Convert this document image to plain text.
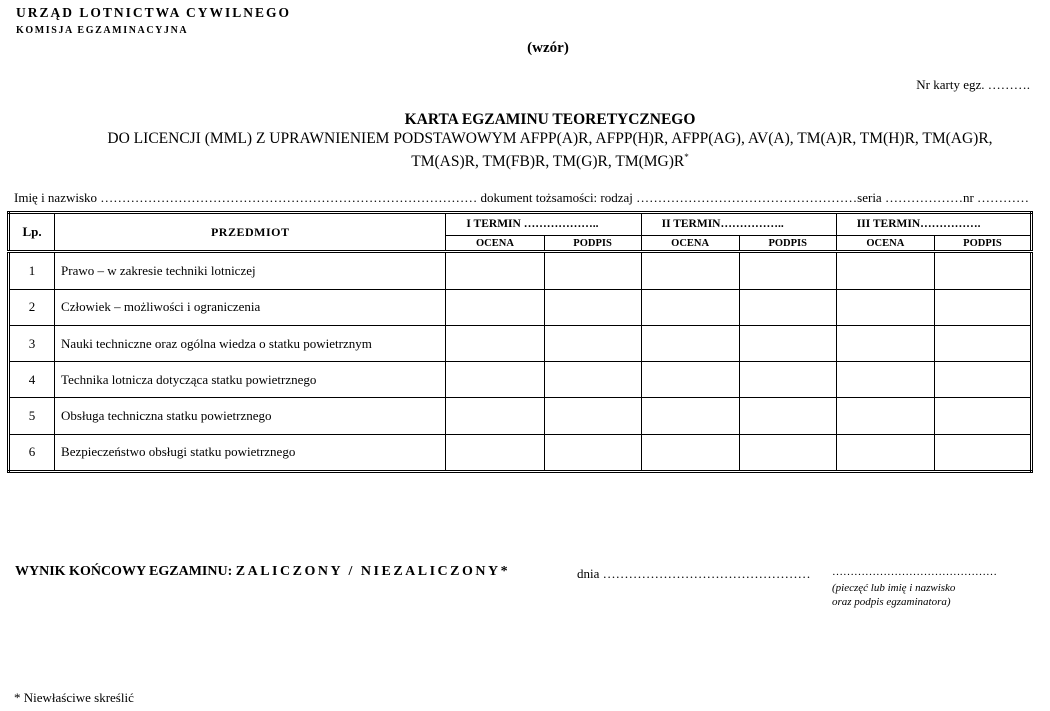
URZĄD LOTNICTWA CYWILNEGO
KOMISJA EGZAMINACYJNA
(wzór)
Nr karty egz. ……….
KARTA EGZAMINU TEORETYCZNEGO
DO LICENCJI (MML) Z UPRAWNIENIEM PODSTAWOWYM AFPP(A)R, AFPP(H)R, AFPP(AG), AV(A), TM(A)R, TM(H)R, TM(AG)R,
TM(AS)R, TM(FB)R, TM(G)R, TM(MG)R*
Imię i nazwisko …………………………………………………………………………… dokument tożsamości: rodzaj ……………………………………………seria ………………nr …………
Lp.	PRZEDMIOT	I TERMIN ………………..		II TERMIN……………..		III TERMIN…………….	
		OCENA	PODPIS	OCENA	PODPIS	OCENA	PODPIS
1	Prawo – w zakresie techniki lotniczej						
2	Człowiek – możliwości i ograniczenia						
3	Nauki techniczne oraz ogólna wiedza o statku powietrznym						
4	Technika lotnicza dotycząca statku powietrznego						
5	Obsługa techniczna statku powietrznego						
6	Bezpieczeństwo obsługi statku powietrznego						
WYNIK KOŃCOWY EGZAMINU: ZALICZONY / NIEZALICZONY*	dnia ………………………………………… ………………………………………
(pieczęć lub imię i nazwisko
oraz podpis egzaminatora)
* Niewłaściwe skreślić
